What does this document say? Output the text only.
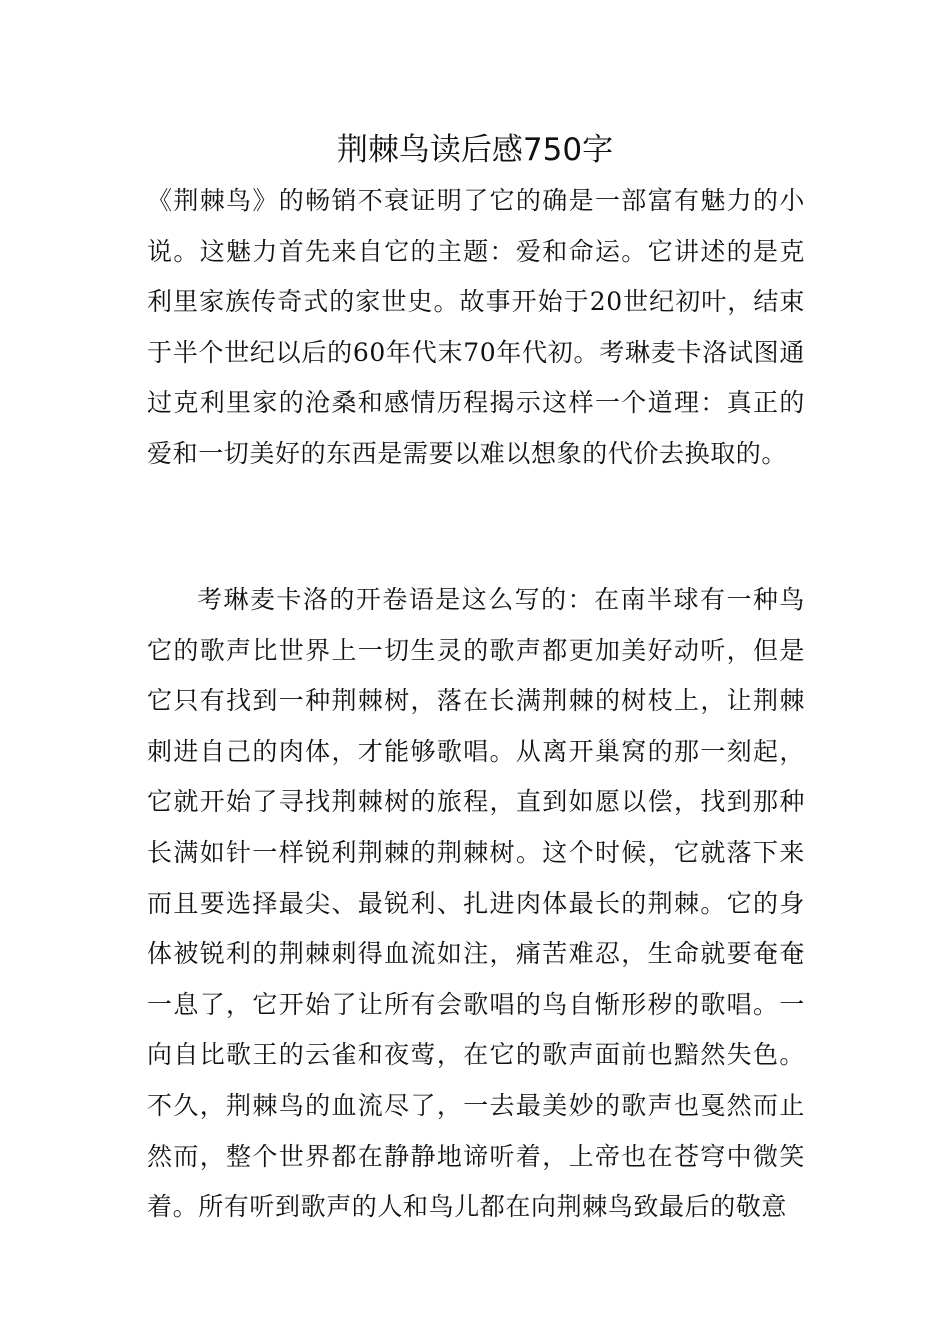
荆棘鸟读后感750字

《荆棘鸟》的畅销不衰证明了它的确是一部富有魅力的小说。这魅力首先来自它的主题：爱和命运。它讲述的是克利里家族传奇式的家世史。故事开始于20世纪初叶，结束于半个世纪以后的60年代末70年代初。考琳麦卡洛试图通过克利里家的沧桑和感情历程揭示这样一个道理：真正的爱和一切美好的东西是需要以难以想象的代价去换取的。

考琳麦卡洛的开卷语是这么写的：在南半球有一种鸟它的歌声比世界上一切生灵的歌声都更加美好动听，但是它只有找到一种荆棘树，落在长满荆棘的树枝上，让荆棘刺进自己的肉体，才能够歌唱。从离开巢窝的那一刻起，它就开始了寻找荆棘树的旅程，直到如愿以偿，找到那种长满如针一样锐利荆棘的荆棘树。这个时候，它就落下来而且要选择最尖、最锐利、扎进肉体最长的荆棘。它的身体被锐利的荆棘刺得血流如注，痛苦难忍，生命就要奄奄一息了，它开始了让所有会歌唱的鸟自惭形秽的歌唱。一向自比歌王的云雀和夜莺，在它的歌声面前也黯然失色。不久，荆棘鸟的血流尽了，一去最美妙的歌声也戛然而止然而，整个世界都在静静地谛听着，上帝也在苍穹中微笑着。所有听到歌声的人和鸟儿都在向荆棘鸟致最后的敬意
